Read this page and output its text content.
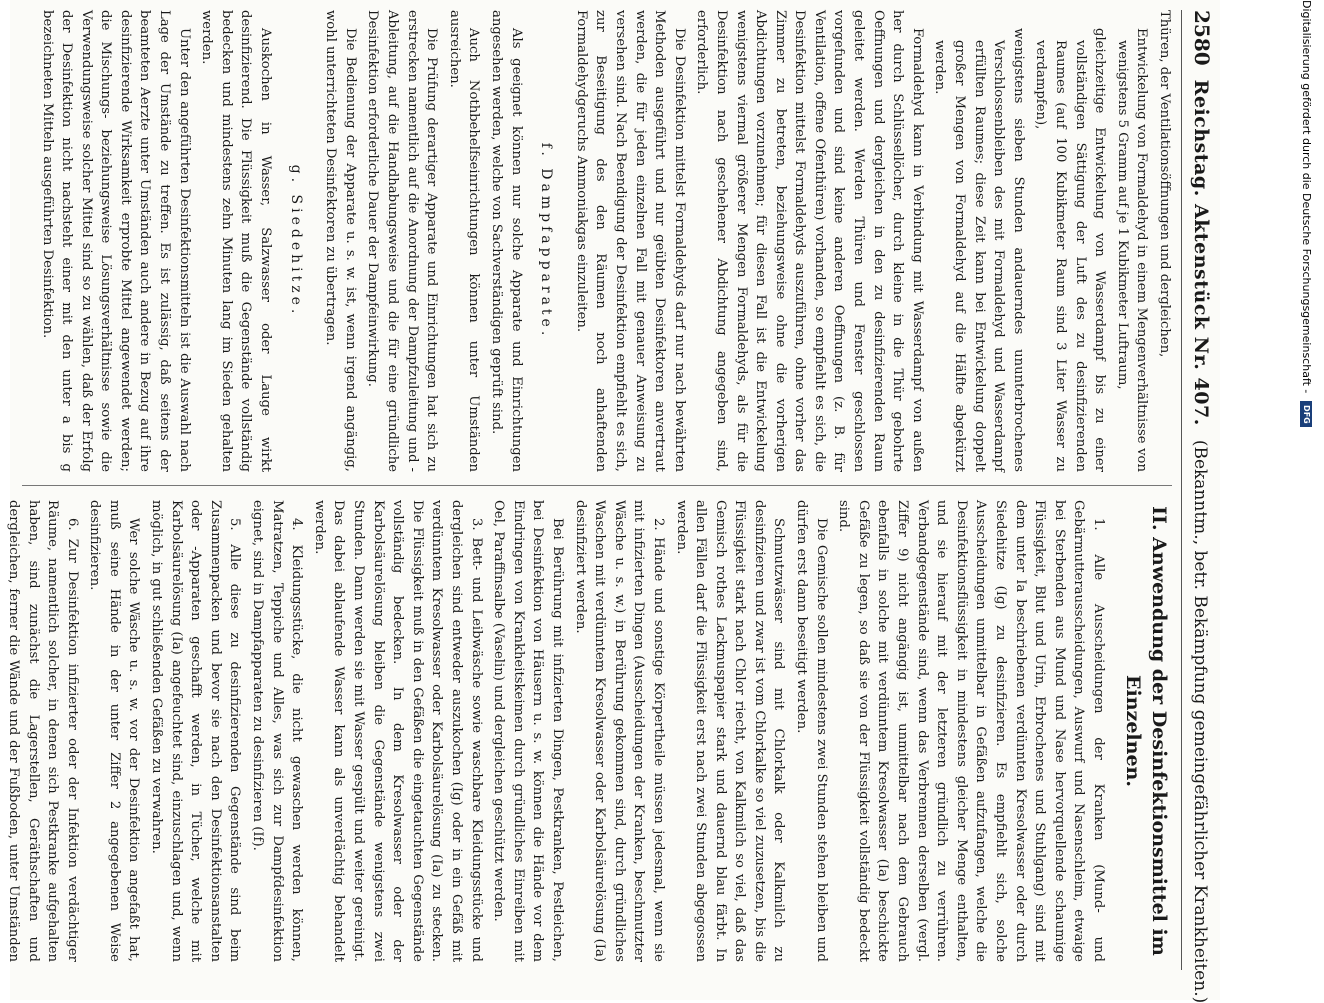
2580
Reichstag. Aktenstück Nr. 407.
(Bekanntm., betr. Bekämpfung gemeingefährlicher Krankheiten.)

Thüren, der Ventilationsöffnungen und dergleichen,

Entwickelung von Formaldehyd in einem Mengenverhältnisse von wenigstens 5 Gramm auf je 1 Kubikmeter Luftraum,

gleichzeitige Entwickelung von Wasserdampf bis zu einer vollständigen Sättigung der Luft des zu desinfizierenden Raumes (auf 100 Kubikmeter Raum sind 3 Liter Wasser zu verdampfen),

wenigstens sieben Stunden andauerndes ununterbrochenes Verschlossenbleiben des mit Formaldehyd und Wasserdampf erfüllten Raumes; diese Zeit kann bei Entwickelung doppelt großer Mengen von Formaldehyd auf die Hälfte abgekürzt werden.

Formaldehyd kann in Verbindung mit Wasserdampf von außen her durch Schlüssellöcher, durch kleine in die Thür gebohrte Oeffnungen und dergleichen in den zu desinfizierenden Raum geleitet werden. Werden Thüren und Fenster geschlossen vorgefunden und sind keine anderen Oeffnungen (z. B. für Ventilation, offene Ofenthüren) vorhanden, so empfiehlt es sich, die Desinfektion mittelst Formaldehyds auszuführen, ohne vorher das Zimmer zu betreten, beziehungsweise ohne die vorherigen Abdichtungen vorzunehmen; für diesen Fall ist die Entwickelung wenigstens viermal größerer Mengen Formaldehyds, als für die Desinfektion nach geschehener Abdichtung angegeben sind, erforderlich.

Die Desinfektion mittelst Formaldehyds darf nur nach bewährten Methoden ausgeführt und nur geübten Desinfektoren anvertraut werden, die für jeden einzelnen Fall mit genauer Anweisung zu versehen sind. Nach Beendigung der Desinfektion empfiehlt es sich, zur Beseitigung des den Räumen noch anhaftenden Formaldehydgeruchs Ammoniakgas einzuleiten.

f. Dampfapparate.

Als geeignet können nur solche Apparate und Einrichtungen angesehen werden, welche von Sachverständigen geprüft sind.

Auch Nothbehelfseinrichtungen können unter Umständen ausreichen.

Die Prüfung derartiger Apparate und Einrichtungen hat sich zu erstrecken namentlich auf die Anordnung der Dampfzuleitung und -Ableitung, auf die Handhabungsweise und die für eine gründliche Desinfektion erforderliche Dauer der Dampfeinwirkung.

Die Bedienung der Apparate u. s. w. ist, wenn irgend angängig, wohl unterrichteten Desinfektoren zu übertragen.

g. Siedehitze.

Auskochen in Wasser, Salzwasser oder Lauge wirkt desinfizierend. Die Flüssigkeit muß die Gegenstände vollständig bedecken und mindestens zehn Minuten lang im Sieden gehalten werden.

Unter den angeführten Desinfektionsmitteln ist die Auswahl nach Lage der Umstände zu treffen. Es ist zulässig, daß seitens der beamteten Aerzte unter Umständen auch andere in Bezug auf ihre desinfizierende Wirksamkeit erprobte Mittel angewendet werden; die Mischungs- beziehungsweise Lösungsverhältnisse sowie die Verwendungsweise solcher Mittel sind so zu wählen, daß der Erfolg der Desinfektion nicht nachsteht einer mit den unter a bis g bezeichneten Mitteln ausgeführten Desinfektion.

II. Anwendung der Desinfektionsmittel im Einzelnen.

1. Alle Ausscheidungen der Kranken (Mund- und Gebärmutterausscheidungen, Auswurf und Nasenschleim, etwaige bei Sterbenden aus Mund und Nase hervorquellende schaumige Flüssigkeit, Blut und Urin, Erbrochenes und Stuhlgang) sind mit dem unter Ia beschriebenen verdünnten Kresolwasser oder durch Siedehitze (Ig) zu desinfizieren. Es empfiehlt sich, solche Ausscheidungen unmittelbar in Gefäßen aufzufangen, welche die Desinfektionsflüssigkeit in mindestens gleicher Menge enthalten, und sie hierauf mit der letzteren gründlich zu verrühren. Verbandgegenstände sind, wenn das Verbrennen derselben (vergl. Ziffer 9) nicht angängig ist, unmittelbar nach dem Gebrauch ebenfalls in solche mit verdünntem Kresolwasser (Ia) beschickte Gefäße zu legen, so daß sie von der Flüssigkeit vollständig bedeckt sind.

Die Gemische sollen mindestens zwei Stunden stehen bleiben und dürfen erst dann beseitigt werden.

Schmutzwässer sind mit Chlorkalk oder Kalkmilch zu desinfizieren und zwar ist vom Chlorkalke so viel zuzusetzen, bis die Flüssigkeit stark nach Chlor riecht, von Kalkmilch so viel, daß das Gemisch rothes Lackmuspapier stark und dauernd blau färbt. In allen Fällen darf die Flüssigkeit erst nach zwei Stunden abgegossen werden.

2. Hände und sonstige Körpertheile müssen jedesmal, wenn sie mit infizierten Dingen (Ausscheidungen der Kranken, beschmutzter Wäsche u. s. w.) in Berührung gekommen sind, durch gründliches Waschen mit verdünntem Kresolwasser oder Karbolsäurelösung (Ia) desinfiziert werden.

Bei Berührung mit infizierten Dingen, Pestkranken, Pestleichen, bei Desinfektion von Häusern u. s. w. können die Hände vor dem Eindringen von Krankheitskeimen durch gründliches Einreiben mit Oel, Paraffinsalbe (Vaselin) und dergleichen geschützt werden.

3. Bett- und Leibwäsche sowie waschbare Kleidungsstücke und dergleichen sind entweder auszukochen (Ig) oder in ein Gefäß mit verdünntem Kresolwasser oder Karbolsäurelösung (Ia) zu stecken. Die Flüssigkeit muß in den Gefäßen die eingetauchten Gegenstände vollständig bedecken. In dem Kresolwasser oder der Karbolsäurelösung bleiben die Gegenstände wenigstens zwei Stunden. Dann werden sie mit Wasser gespült und weiter gereinigt. Das dabei ablaufende Wasser kann als unverdächtig behandelt werden.

4. Kleidungsstücke, die nicht gewaschen werden können, Matratzen, Teppiche und Alles, was sich zur Dampfdesinfektion eignet, sind in Dampfapparaten zu desinfizieren (If).

5. Alle diese zu desinfizierenden Gegenstände sind beim Zusammenpacken und bevor sie nach den Desinfektionsanstalten oder -Apparaten geschafft werden, in Tücher, welche mit Karbolsäurelösung (Ia) angefeuchtet sind, einzuschlagen und, wenn möglich, in gut schließenden Gefäßen zu verwahren.

Wer solche Wäsche u. s. w. vor der Desinfektion angefaßt hat, muß seine Hände in der unter Ziffer 2 angegebenen Weise desinfizieren.

6. Zur Desinfektion infizierter oder der Infektion verdächtiger Räume, namentlich solcher, in denen sich Pestkranke aufgehalten haben, sind zunächst die Lagerstellen, Geräthschaften und dergleichen, ferner die Wände und der Fußboden, unter Umständen

Digitalisierung gefördert durch die Deutsche Forschungsgemeinschaft -
DFG
